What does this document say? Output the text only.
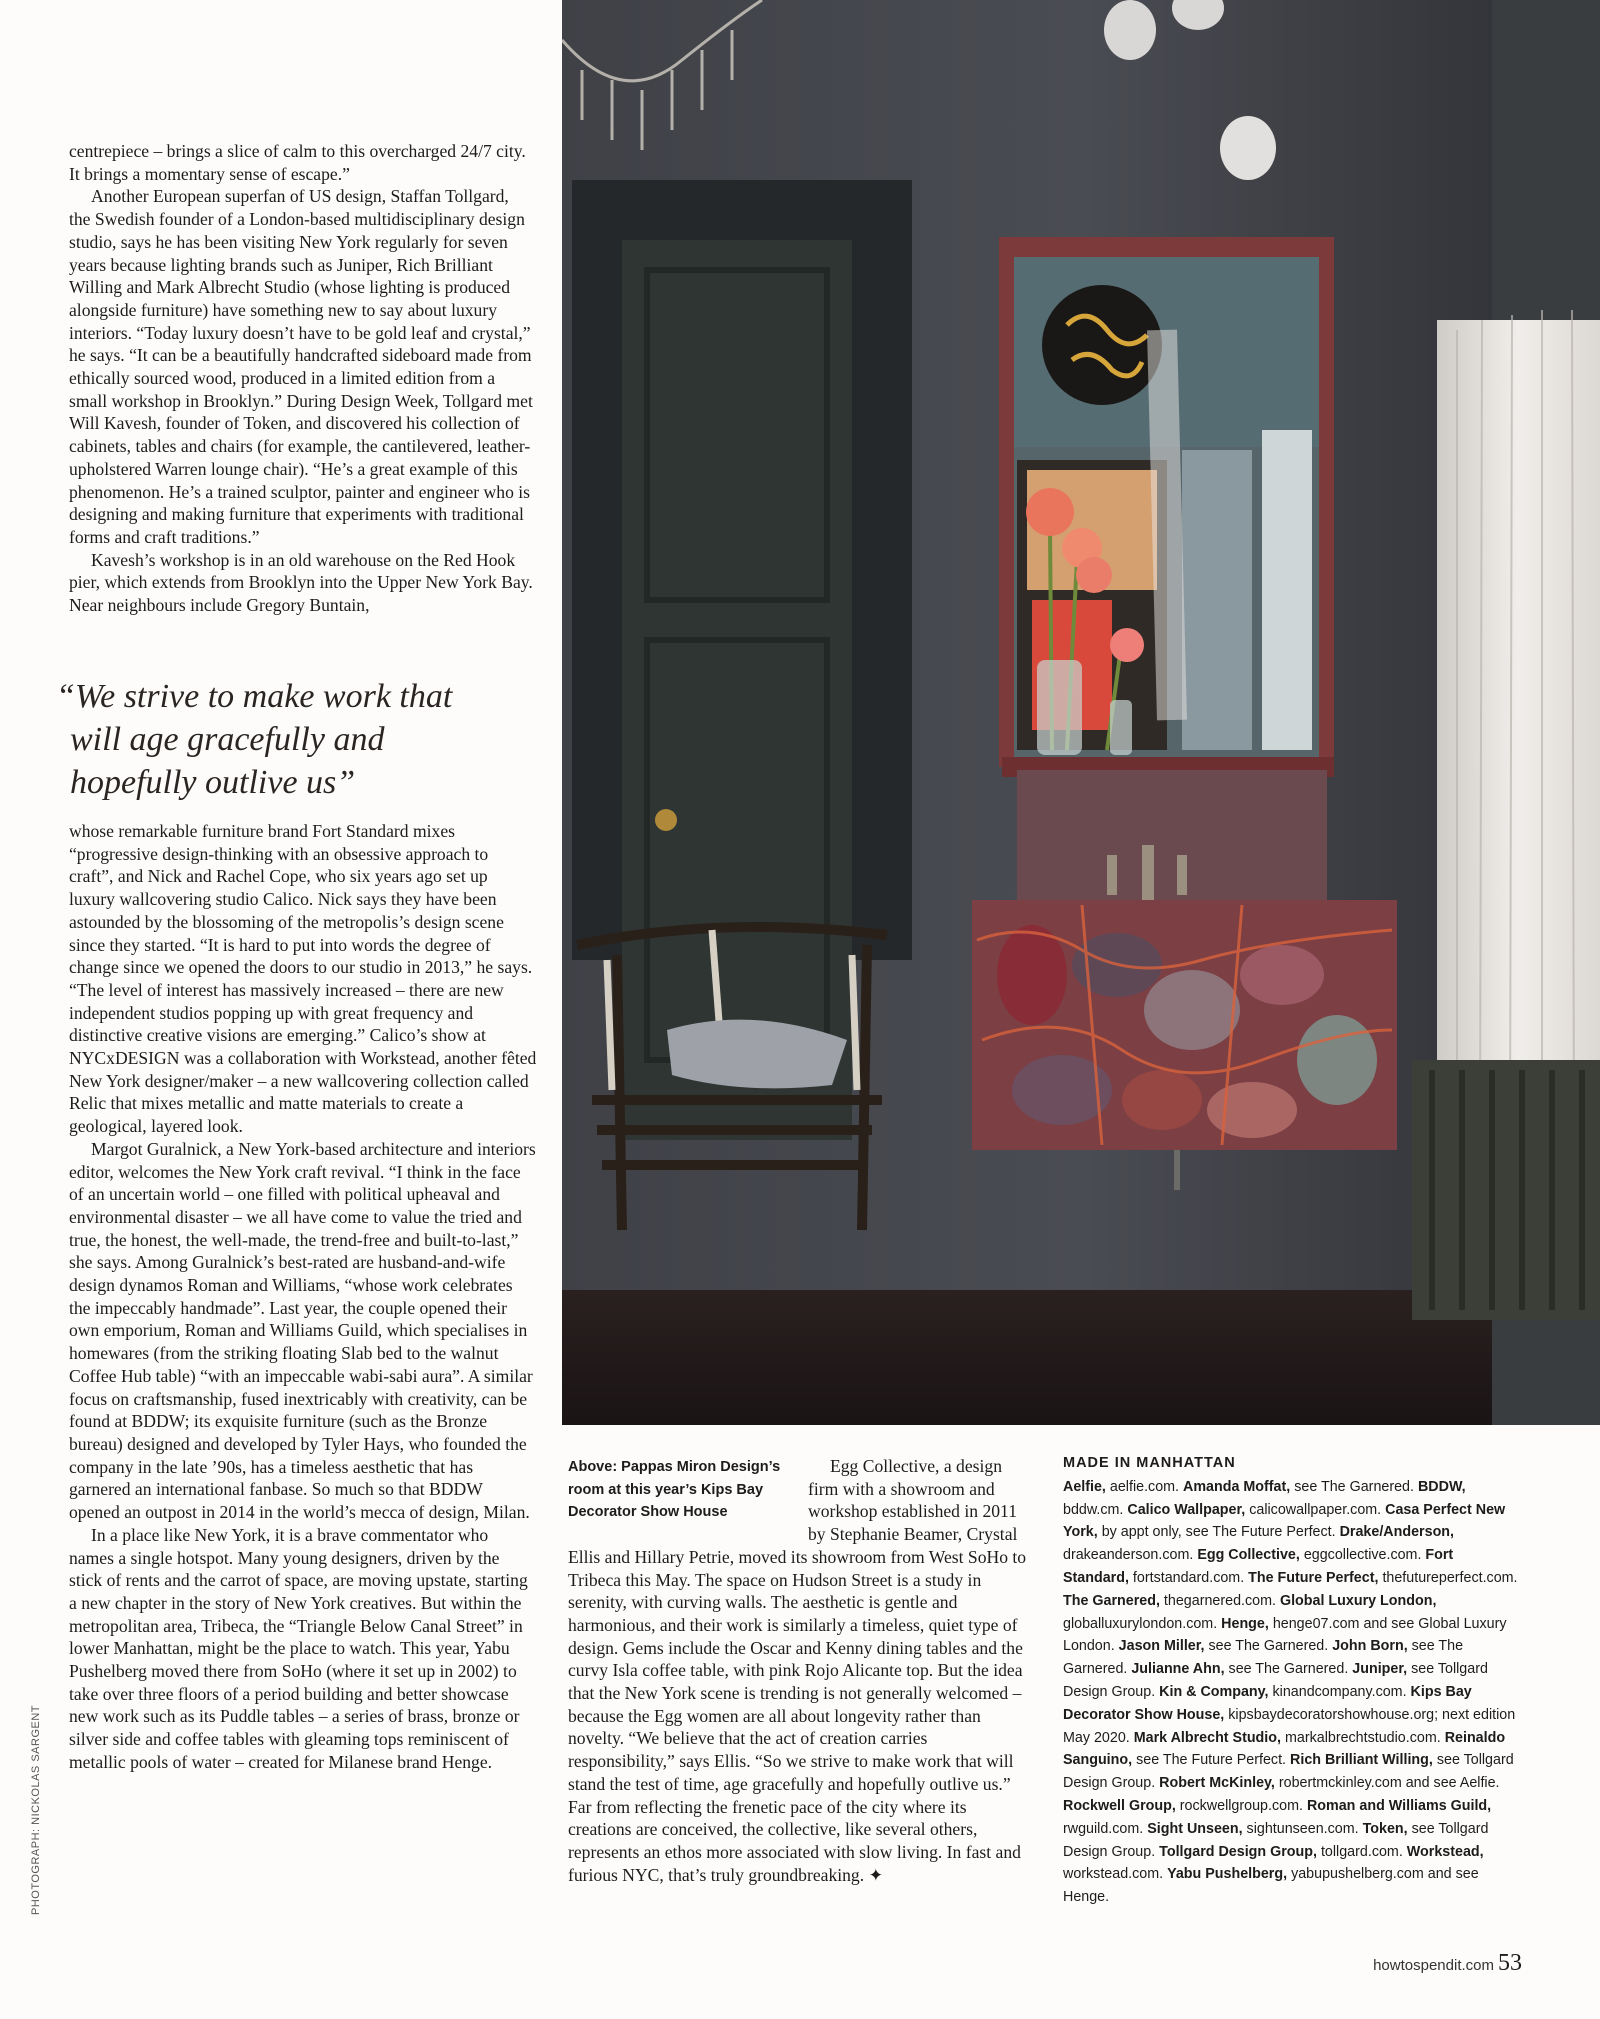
centrepiece – brings a slice of calm to this overcharged 24/7 city. It brings a momentary sense of escape.”

Another European superfan of US design, Staffan Tollgard, the Swedish founder of a London-based multidisciplinary design studio, says he has been visiting New York regularly for seven years because lighting brands such as Juniper, Rich Brilliant Willing and Mark Albrecht Studio (whose lighting is produced alongside furniture) have something new to say about luxury interiors. “Today luxury doesn’t have to be gold leaf and crystal,” he says. “It can be a beautifully handcrafted sideboard made from ethically sourced wood, produced in a limited edition from a small workshop in Brooklyn.” During Design Week, Tollgard met Will Kavesh, founder of Token, and discovered his collection of cabinets, tables and chairs (for example, the cantilevered, leather-upholstered Warren lounge chair). “He’s a great example of this phenomenon. He’s a trained sculptor, painter and engineer who is designing and making furniture that experiments with traditional forms and craft traditions.”

Kavesh’s workshop is in an old warehouse on the Red Hook pier, which extends from Brooklyn into the Upper New York Bay. Near neighbours include Gregory Buntain,

“We strive to make work that
will age gracefully and
hopefully outlive us”

whose remarkable furniture brand Fort Standard mixes “progressive design-thinking with an obsessive approach to craft”, and Nick and Rachel Cope, who six years ago set up luxury wallcovering studio Calico. Nick says they have been astounded by the blossoming of the metropolis’s design scene since they started. “It is hard to put into words the degree of change since we opened the doors to our studio in 2013,” he says. “The level of interest has massively increased – there are new independent studios popping up with great frequency and distinctive creative visions are emerging.” Calico’s show at NYCxDESIGN was a collaboration with Workstead, another fêted New York designer/maker – a new wallcovering collection called Relic that mixes metallic and matte materials to create a geological, layered look.

Margot Guralnick, a New York-based architecture and interiors editor, welcomes the New York craft revival. “I think in the face of an uncertain world – one filled with political upheaval and environmental disaster – we all have come to value the tried and true, the honest, the well-made, the trend-free and built-to-last,” she says. Among Guralnick’s best-rated are husband-and-wife design dynamos Roman and Williams, “whose work celebrates the impeccably handmade”. Last year, the couple opened their own emporium, Roman and Williams Guild, which specialises in homewares (from the striking floating Slab bed to the walnut Coffee Hub table) “with an impeccable wabi-sabi aura”. A similar focus on craftsmanship, fused inextricably with creativity, can be found at BDDW; its exquisite furniture (such as the Bronze bureau) designed and developed by Tyler Hays, who founded the company in the late ’90s, has a timeless aesthetic that has garnered an international fanbase. So much so that BDDW opened an outpost in 2014 in the world’s mecca of design, Milan.

In a place like New York, it is a brave commentator who names a single hotspot. Many young designers, driven by the stick of rents and the carrot of space, are moving upstate, starting a new chapter in the story of New York creatives. But within the metropolitan area, Tribeca, the “Triangle Below Canal Street” in lower Manhattan, might be the place to watch. This year, Yabu Pushelberg moved there from SoHo (where it set up in 2002) to take over three floors of a period building and better showcase new work such as its Puddle tables – a series of brass, bronze or silver side and coffee tables with gleaming tops reminiscent of metallic pools of water – created for Milanese brand Henge.

PHOTOGRAPH: NICKOLAS SARGENT
Above: Pappas Miron Design’s room at this year’s Kips Bay Decorator Show House

Egg Collective, a design firm with a showroom and workshop established in 2011 by Stephanie Beamer, Crystal Ellis and Hillary Petrie, moved its showroom from West SoHo to Tribeca this May. The space on Hudson Street is a study in serenity, with curving walls. The aesthetic is gentle and harmonious, and their work is similarly a timeless, quiet type of design. Gems include the Oscar and Kenny dining tables and the curvy Isla coffee table, with pink Rojo Alicante top. But the idea that the New York scene is trending is not generally welcomed – because the Egg women are all about longevity rather than novelty. “We believe that the act of creation carries responsibility,” says Ellis. “So we strive to make work that will stand the test of time, age gracefully and hopefully outlive us.” Far from reflecting the frenetic pace of the city where its creations are conceived, the collective, like several others, represents an ethos more associated with slow living. In fast and furious NYC, that’s truly groundbreaking. ✦

MADE IN MANHATTAN
Aelfie, aelfie.com. Amanda Moffat, see The Garnered. BDDW, bddw.cm. Calico Wallpaper, calicowallpaper.com. Casa Perfect New York, by appt only, see The Future Perfect. Drake/Anderson, drakeanderson.com. Egg Collective, eggcollective.com. Fort Standard, fortstandard.com. The Future Perfect, thefutureperfect.com. The Garnered, thegarnered.com. Global Luxury London, globalluxurylondon.com. Henge, henge07.com and see Global Luxury London. Jason Miller, see The Garnered. John Born, see The Garnered. Julianne Ahn, see The Garnered. Juniper, see Tollgard Design Group. Kin & Company, kinandcompany.com. Kips Bay Decorator Show House, kipsbaydecoratorshowhouse.org; next edition May 2020. Mark Albrecht Studio, markalbrechtstudio.com. Reinaldo Sanguino, see The Future Perfect. Rich Brilliant Willing, see Tollgard Design Group. Robert McKinley, robertmckinley.com and see Aelfie. Rockwell Group, rockwellgroup.com. Roman and Williams Guild, rwguild.com. Sight Unseen, sightunseen.com. Token, see Tollgard Design Group. Tollgard Design Group, tollgard.com. Workstead, workstead.com. Yabu Pushelberg, yabupushelberg.com and see Henge.
howtospendit.com 53
